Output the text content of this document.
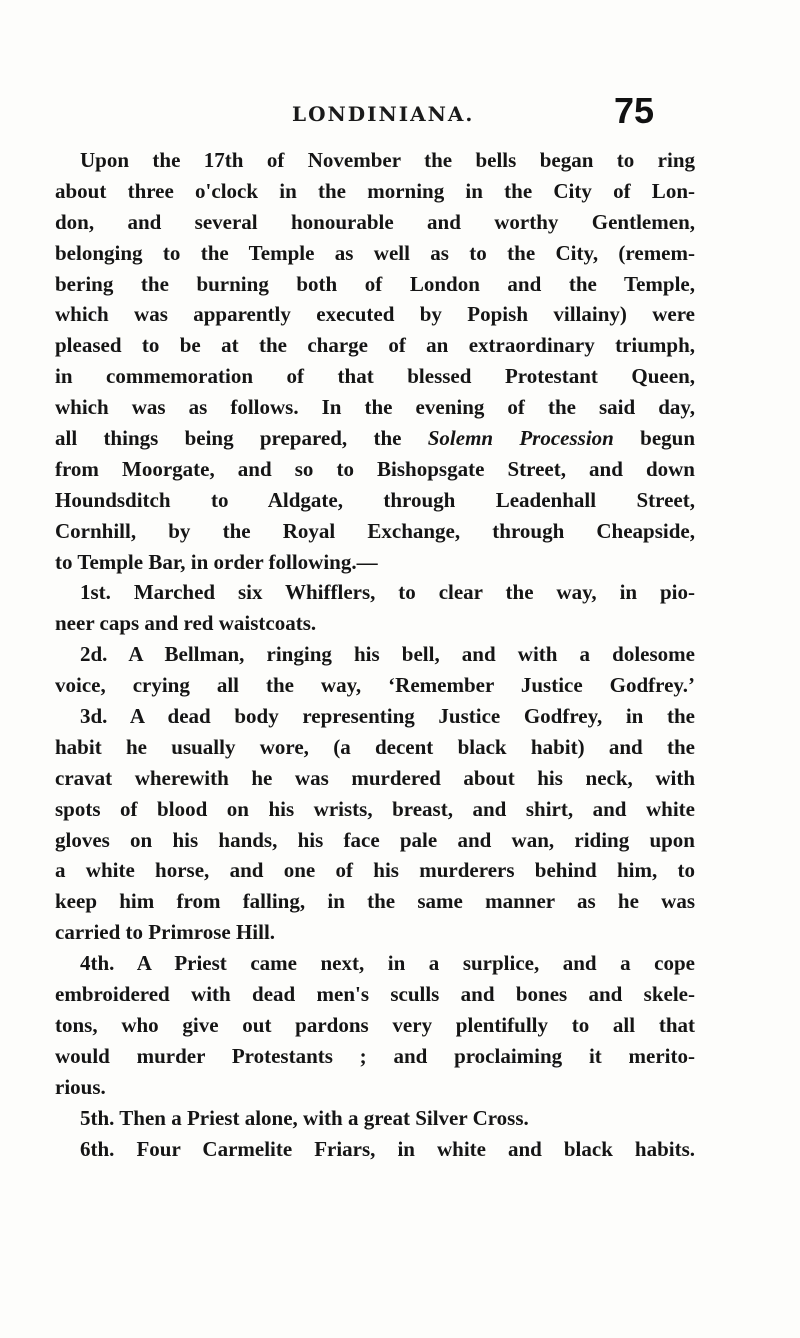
LONDINIANA.	75
Upon the 17th of November the bells began to ring
about three o'clock in the morning in the City of Lon-
don, and several honourable and worthy Gentlemen,
belonging to the Temple as well as to the City, (remem-
bering the burning both of London and the Temple,
which was apparently executed by Popish villainy) were
pleased to be at the charge of an extraordinary triumph,
in commemoration of that blessed Protestant Queen,
which was as follows. In the evening of the said day,
all things being prepared, the Solemn Procession begun
from Moorgate, and so to Bishopsgate Street, and down
Houndsditch to Aldgate, through Leadenhall Street,
Cornhill, by the Royal Exchange, through Cheapside,
to Temple Bar, in order following.—
1st. Marched six Whifflers, to clear the way, in pio-
neer caps and red waistcoats.
2d. A Bellman, ringing his bell, and with a dolesome
voice, crying all the way, ‘Remember Justice Godfrey.’
3d. A dead body representing Justice Godfrey, in the
habit he usually wore, (a decent black habit) and the
cravat wherewith he was murdered about his neck, with
spots of blood on his wrists, breast, and shirt, and white
gloves on his hands, his face pale and wan, riding upon
a white horse, and one of his murderers behind him, to
keep him from falling, in the same manner as he was
carried to Primrose Hill.
4th. A Priest came next, in a surplice, and a cope
embroidered with dead men's sculls and bones and skele-
tons, who give out pardons very plentifully to all that
would murder Protestants ; and proclaiming it merito-
rious.
5th. Then a Priest alone, with a great Silver Cross.
6th. Four Carmelite Friars, in white and black habits.
